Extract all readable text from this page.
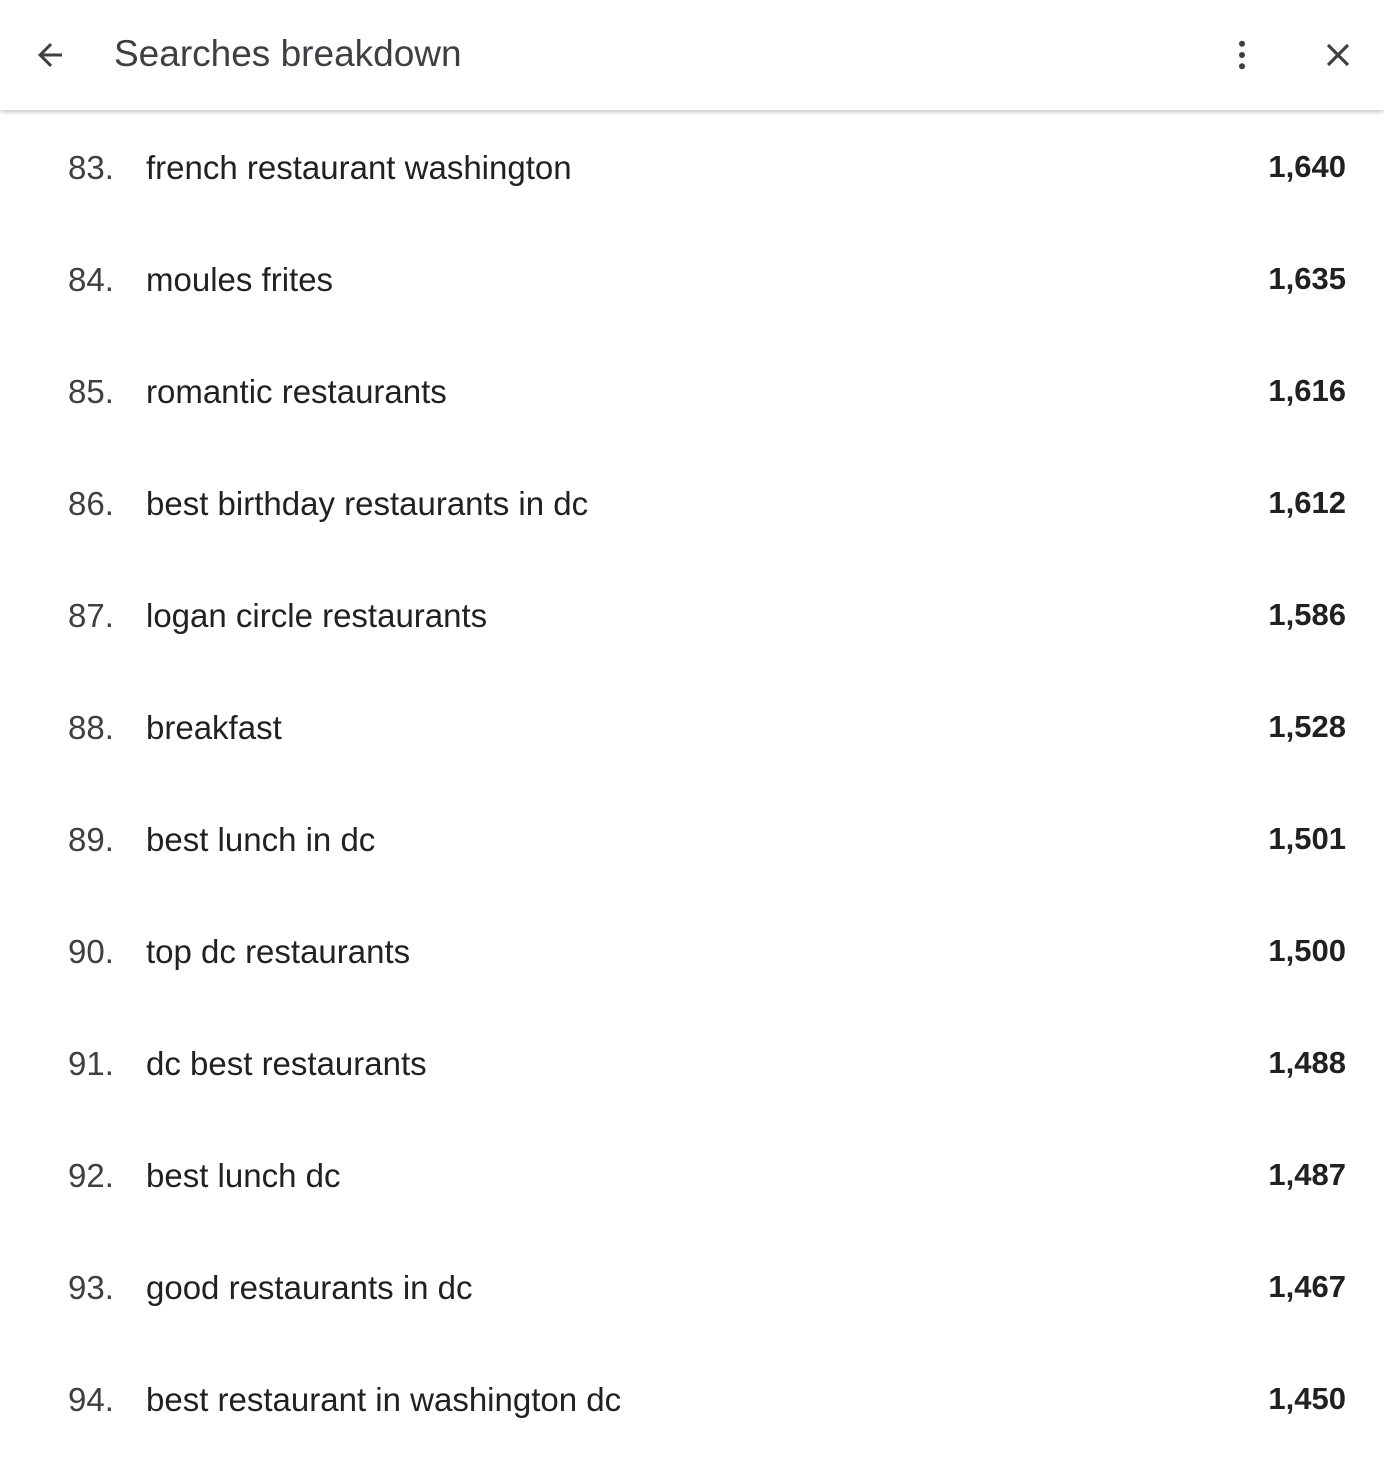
Searches breakdown
83. french restaurant washington	1,640
84. moules frites	1,635
85. romantic restaurants	1,616
86. best birthday restaurants in dc	1,612
87. logan circle restaurants	1,586
88. breakfast	1,528
89. best lunch in dc	1,501
90. top dc restaurants	1,500
91. dc best restaurants	1,488
92. best lunch dc	1,487
93. good restaurants in dc	1,467
94. best restaurant in washington dc	1,450
